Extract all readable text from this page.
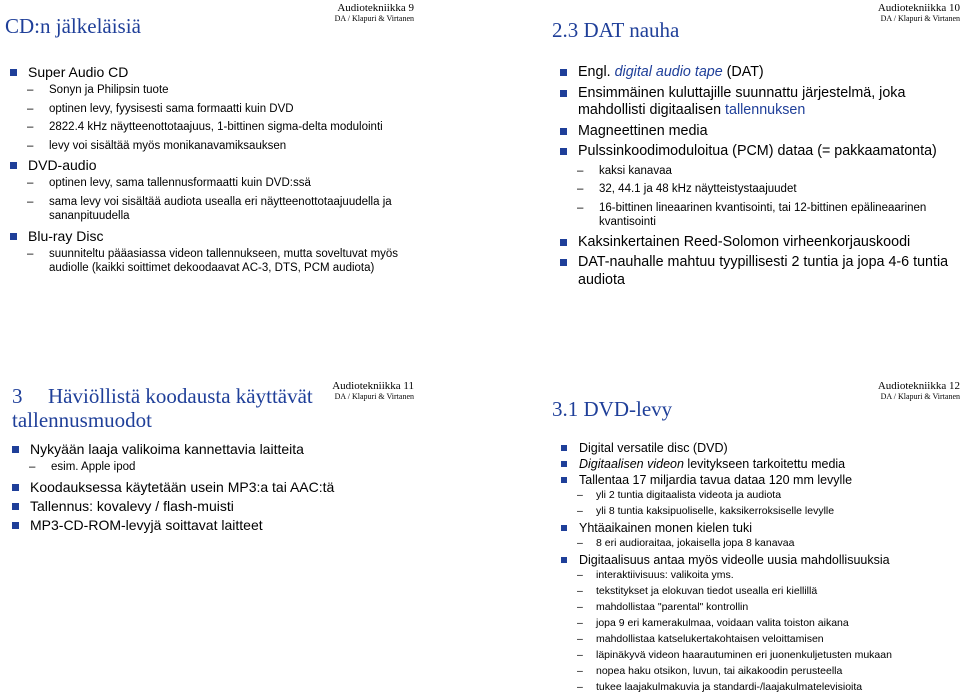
Audiotekniikka 9
DA / Klapuri & Virtanen
CD:n jälkeläisiä
Super Audio CD
– Sonyn ja Philipsin tuote
– optinen levy, fyysisesti sama formaatti kuin DVD
– 2822.4 kHz näytteenottotaajuus, 1-bittinen sigma-delta modulointi
– levy voi sisältää myös monikanavamiksauksen
DVD-audio
– optinen levy, sama tallennusformaatti kuin DVD:ssä
– sama levy voi sisältää audiota usealla eri näytteenottotaajuudella ja sananpituudella
Blu-ray Disc
– suunniteltu pääasiassa videon tallennukseen, mutta soveltuvat myös audiolle (kaikki soittimet dekoodaavat AC-3, DTS, PCM audiota)
Audiotekniikka 10
DA / Klapuri & Virtanen
2.3 DAT nauha
Engl. digital audio tape (DAT)
Ensimmäinen kuluttajille suunnattu järjestelmä, joka mahdollisti digitaalisen tallennuksen
Magneettinen media
Pulssinkoodimoduloitua (PCM) dataa (= pakkaamatonta)
– kaksi kanavaa
– 32, 44.1 ja 48 kHz näytteistystaajuudet
– 16-bittinen lineaarinen kvantisointi, tai 12-bittinen epälineaarinen kvantisointi
Kaksinkertainen Reed-Solomon virheenkorjauskoodi
DAT-nauhalle mahtuu tyypillisesti 2 tuntia ja jopa 4-6 tuntia audiota
Audiotekniikka 11
DA / Klapuri & Virtanen
3 Häviöllistä koodausta käyttävät tallennusmuodot
Nykyään laaja valikoima kannettavia laitteita
– esim. Apple ipod
Koodauksessa käytetään usein MP3:a tai AAC:tä
Tallennus: kovalevy / flash-muisti
MP3-CD-ROM-levyjä soittavat laitteet
Audiotekniikka 12
DA / Klapuri & Virtanen
3.1 DVD-levy
Digital versatile disc (DVD)
Digitaalisen videon levitykseen tarkoitettu media
Tallentaa 17 miljardia tavua dataa 120 mm levylle
– yli 2 tuntia digitaalista videota ja audiota
– yli 8 tuntia kaksipuoliselle, kaksikerroksiselle levylle
Yhtäaikainen monen kielen tuki
– 8 eri audioraitaa, jokaisella jopa 8 kanavaa
Digitaalisuus antaa myös videolle uusia mahdollisuuksia
– interaktiivisuus: valikoita yms.
– tekstitykset ja elokuvan tiedot usealla eri kiellillä
– mahdollistaa "parental" kontrollin
– jopa 9 eri kamerakulmaa, voidaan valita toiston aikana
– mahdollistaa katselukertakohtaisen veloittamisen
– läpinäkyvä videon haarautuminen eri juonenkuljetusten mukaan
– nopea haku otsikon, luvun, tai aikakoodin perusteella
– tukee laajakulmakuvia ja standardi-/laajakulmatelevisioita
